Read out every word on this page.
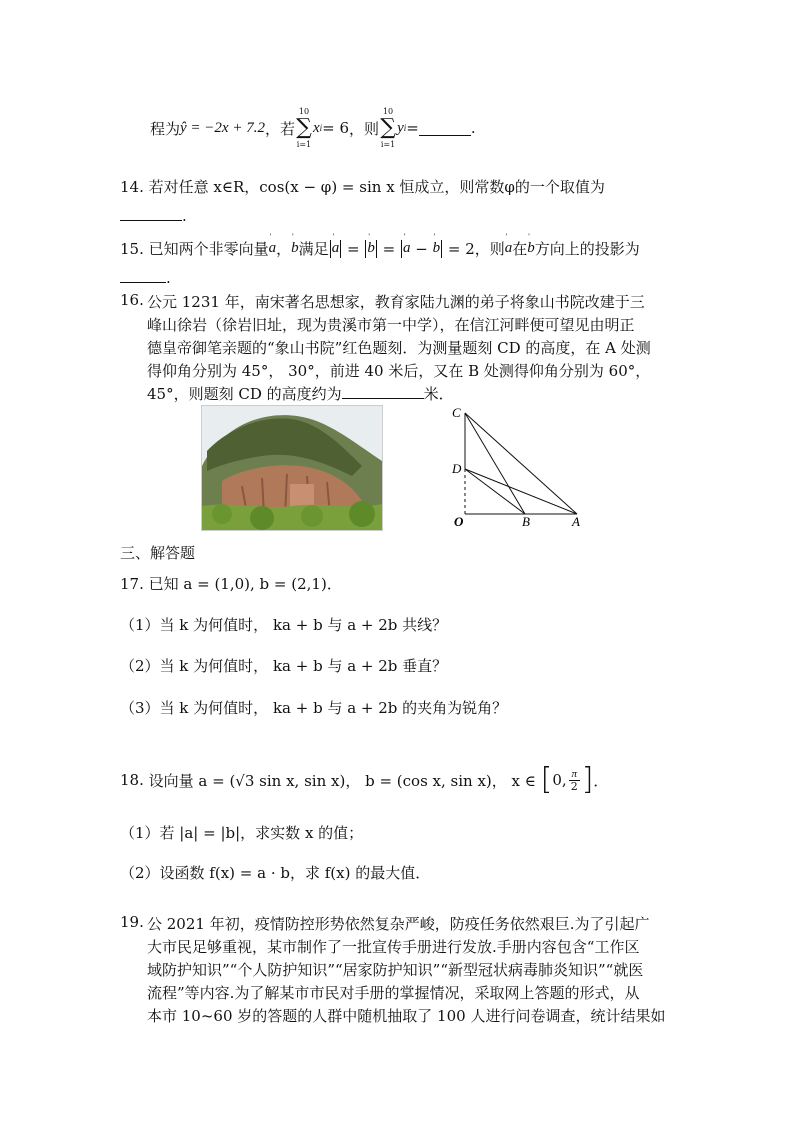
程为 ŷ = −2x + 7.2 ，若
10
∑
i=1
x i = 6 ，则
10
∑
i=1
y i =	.
14. 若对任意 x∈R，cos(x − φ) = sin x 恒成立，则常数φ的一个取值为
.
15.
已知两个非零向量
'
a ，
'
b 满足
'
a
=

'
b
=

'
a
−

'
b
= 2，则
'
a 在
'
b 方向上的投影为
.
16. 公元 1231 年，南宋著名思想家，教育家陆九渊的弟子将象山书院改建于三
峰山徐岩（徐岩旧址，现为贵溪市第一中学），在信江河畔便可望见由明正
德皇帝御笔亲题的“象山书院”红色题刻．为测量题刻 CD 的高度，在 A 处测
得仰角分别为 45°， 30°，前进 40 米后，又在 B 处测得仰角分别为 60°，
45°，则题刻 CD 的高度约为	米．
C
D
O	B	A
三、解答题
17. 已知 a = (1,0), b = (2,1)．
（1）当 k 为何值时， ka + b 与 a + 2b 共线？
（2）当 k 为何值时， ka + b 与 a + 2b 垂直？
（3）当 k 为何值时， ka + b 与 a + 2b 的夹角为锐角？
18.
设向量 a = (√3 sin x, sin x)， b = (cos x, sin x)， x ∈
[ 0, $\frac{\pi}{2}$ ] ．
（1）若 |a| = |b|，求实数 x 的值；
（2）设函数 f(x) = a · b，求 f(x) 的最大值．
19. 公 2021 年初，疫情防控形势依然复杂严峻，防疫任务依然艰巨.为了引起广
大市民足够重视，某市制作了一批宣传手册进行发放.手册内容包含“工作区
域防护知识”“个人防护知识”“居家防护知识”“新型冠状病毒肺炎知识”“就医
流程”等内容.为了解某市市民对手册的掌握情况，采取网上答题的形式，从
本市 10~60 岁的答题的人群中随机抽取了 100 人进行问卷调查，统计结果如
